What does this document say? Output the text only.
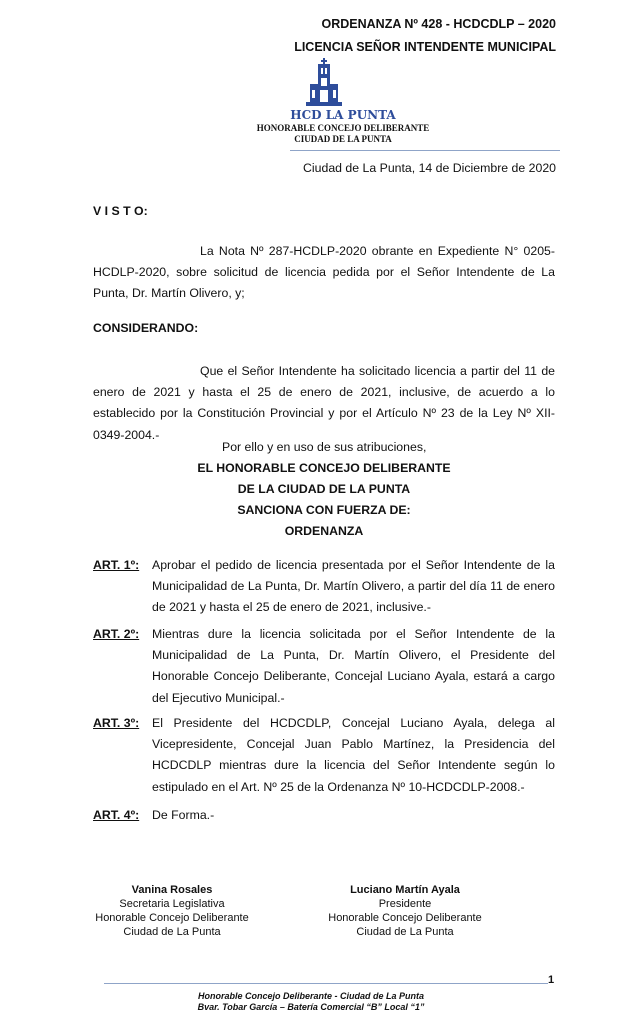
ORDENANZA Nº 428 - HCDCDLP – 2020
LICENCIA SEÑOR INTENDENTE MUNICIPAL
HCD LA PUNTA
HONORABLE CONCEJO DELIBERANTE
CIUDAD DE LA PUNTA
Ciudad de La Punta, 14 de Diciembre de 2020
V I S T O:
La Nota Nº 287-HCDLP-2020 obrante en Expediente N° 0205-HCDLP-2020, sobre solicitud de licencia pedida por el Señor Intendente de La Punta, Dr. Martín Olivero, y;
CONSIDERANDO:
Que el Señor Intendente ha solicitado licencia a partir del 11 de enero de 2021 y hasta el 25 de enero de 2021, inclusive, de acuerdo a lo establecido por la Constitución Provincial y por el Artículo Nº 23 de la Ley Nº XII-0349-2004.-
Por ello y en uso de sus atribuciones,
EL HONORABLE CONCEJO DELIBERANTE
DE LA CIUDAD DE LA PUNTA
SANCIONA CON FUERZA DE:
ORDENANZA
ART. 1º: Aprobar el pedido de licencia presentada por el Señor Intendente de la Municipalidad de La Punta, Dr. Martín Olivero, a partir del día 11 de enero de 2021 y hasta el 25 de enero de 2021, inclusive.-
ART. 2º: Mientras dure la licencia solicitada por el Señor Intendente de la Municipalidad de La Punta, Dr. Martín Olivero, el Presidente del Honorable Concejo Deliberante, Concejal Luciano Ayala, estará a cargo del Ejecutivo Municipal.-
ART. 3º: El Presidente del HCDCDLP, Concejal Luciano Ayala, delega al Vicepresidente, Concejal Juan Pablo Martínez, la Presidencia del HCDCDLP mientras dure la licencia del Señor Intendente según lo estipulado en el Art. Nº 25 de la Ordenanza Nº 10-HCDCDLP-2008.-
ART. 4º: De Forma.-
Vanina Rosales
Secretaria Legislativa
Honorable Concejo Deliberante
Ciudad de La Punta
Luciano Martín Ayala
Presidente
Honorable Concejo Deliberante
Ciudad de La Punta
1
Honorable Concejo Deliberante - Ciudad de La Punta
Bvar. Tobar García – Batería Comercial “B” Local “1”
